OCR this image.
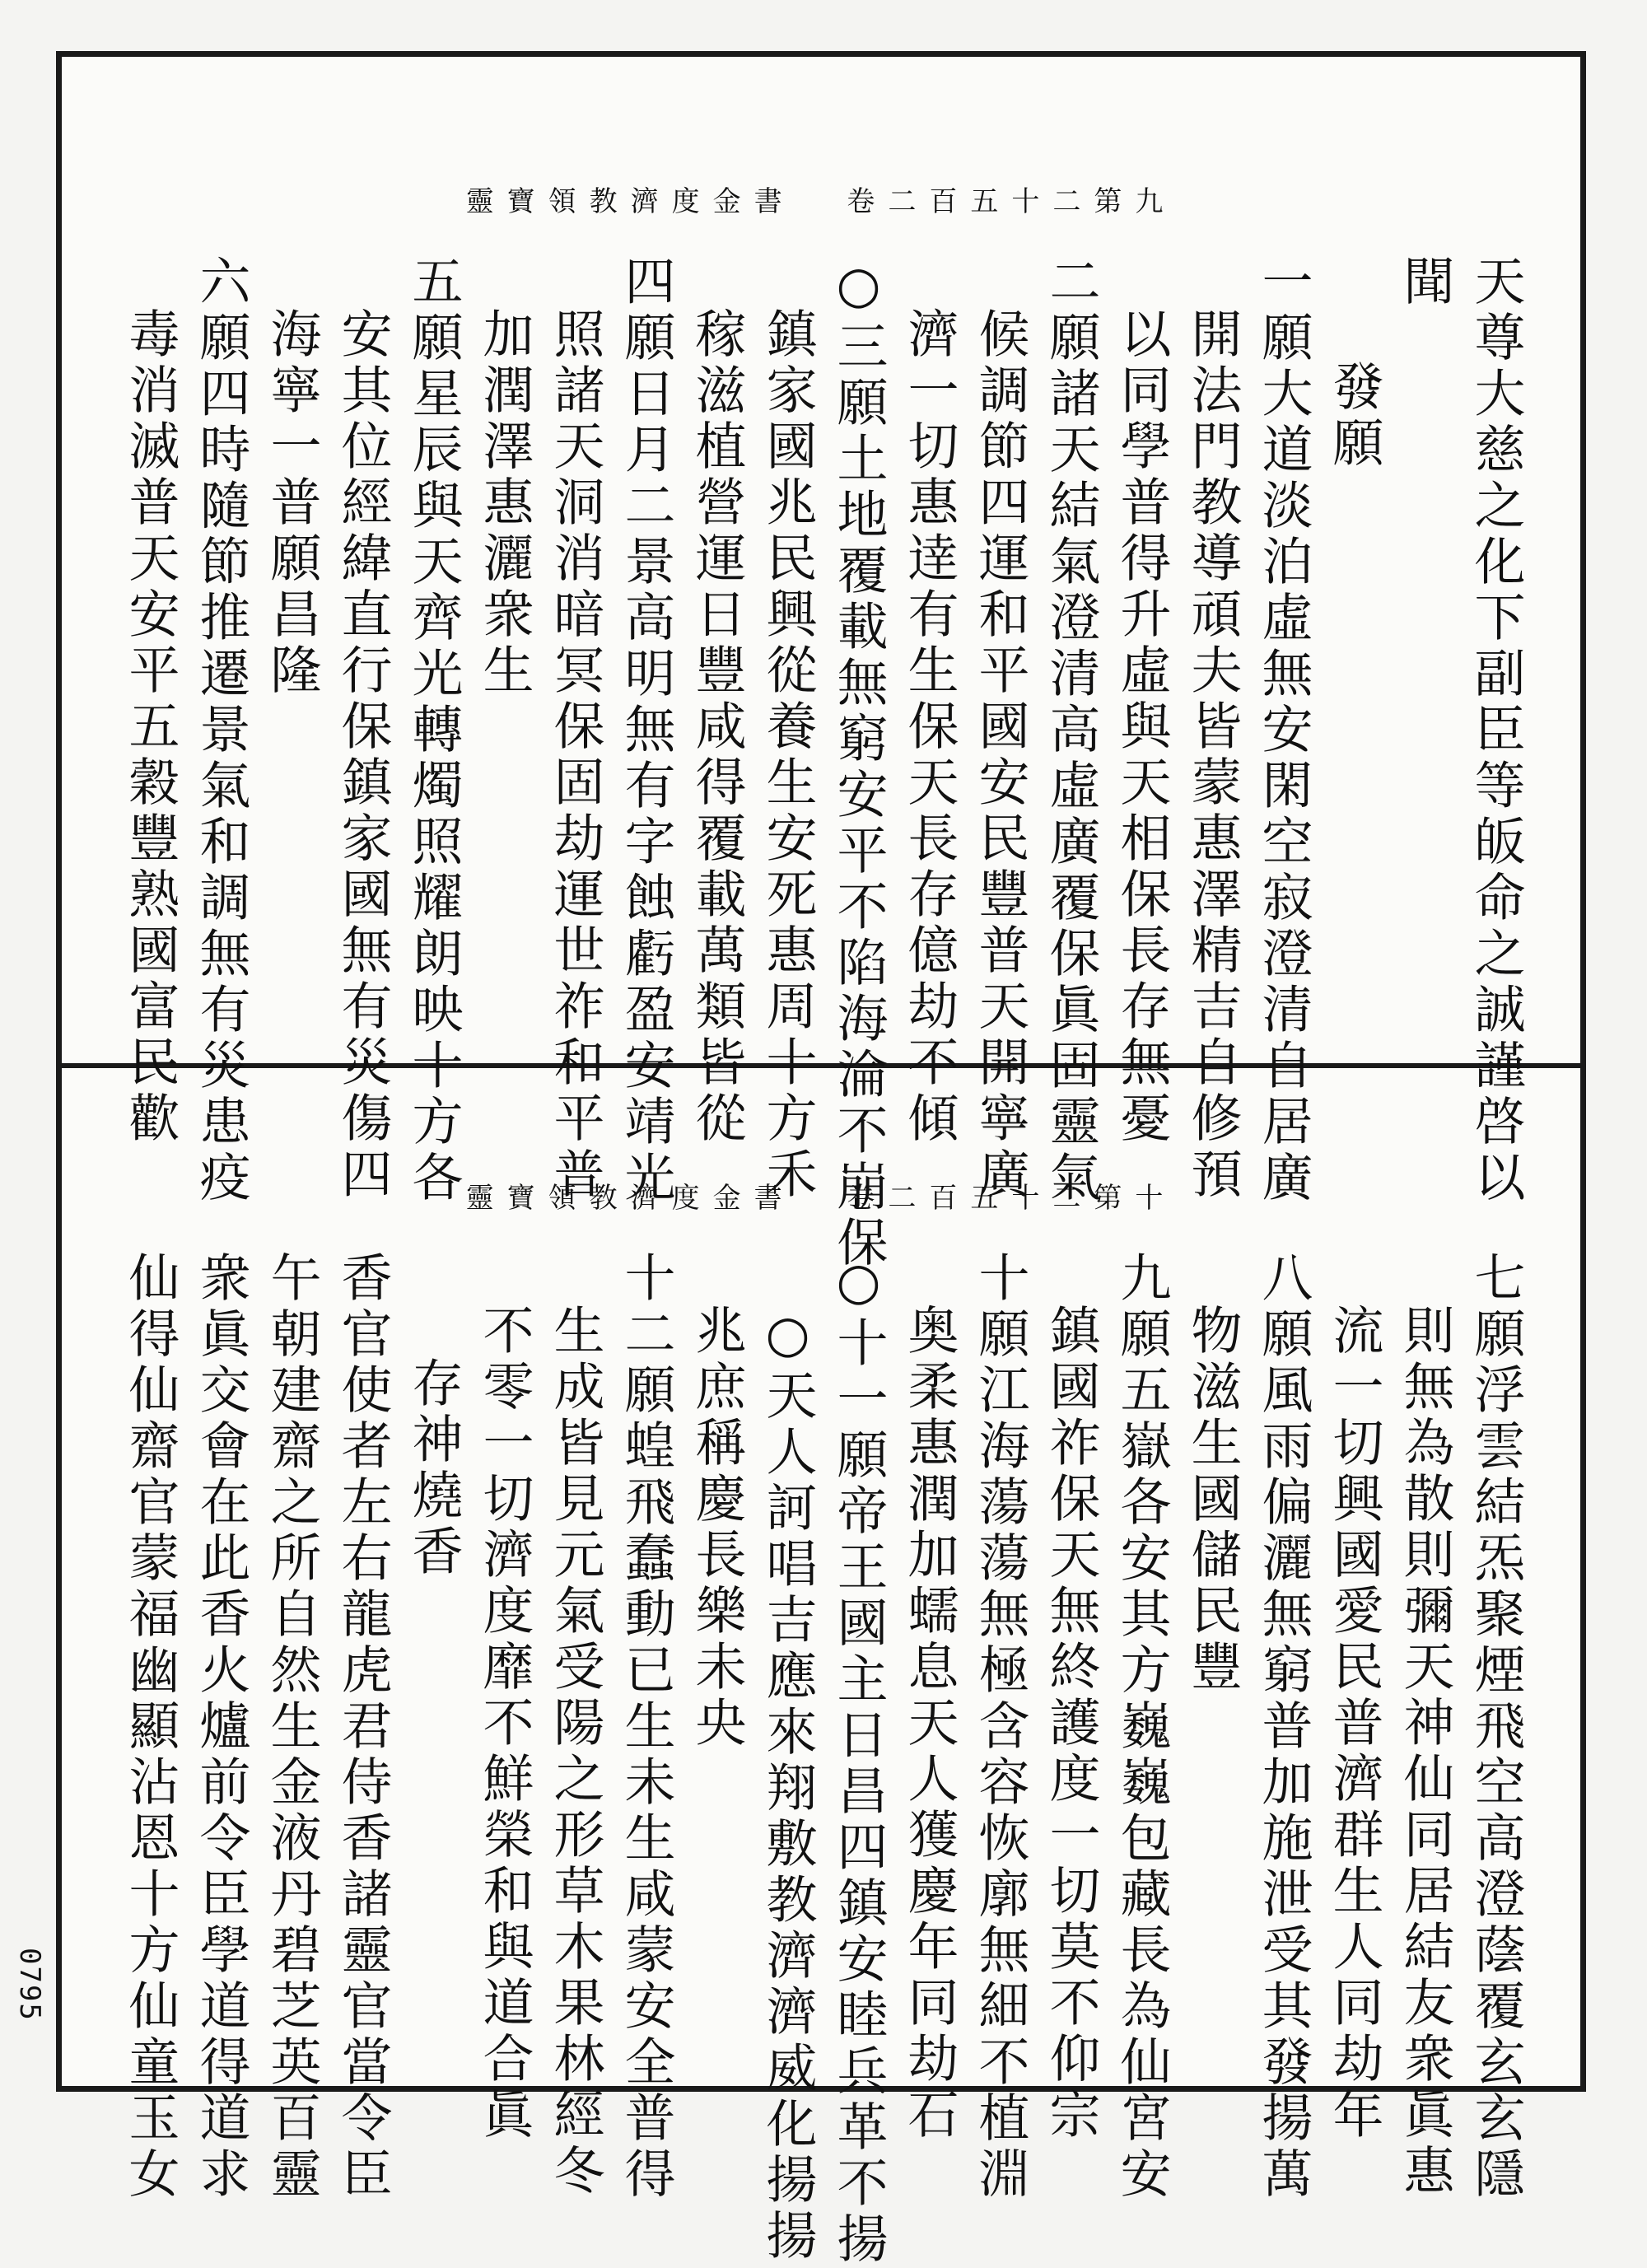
靈寶領教濟度金書 卷二百五十二第九
天尊大慈之化下副臣等皈命之誠謹啓以
聞
發願
一願大道淡泊虛無安閑空寂澄清自居廣
開法門教導頑夫皆蒙惠澤精吉自修預
以同學普得升虛與天相保長存無憂
二願諸天結氣澄清高虛廣覆保眞固靈氣
候調節四運和平國安民豐普天開寧廣
濟一切惠逹有生保天長存億劫不傾
○三願土地覆載無窮安平不陷海淪不崩保
鎮家國兆民興從養生安死惠周十方禾
稼滋植營運日豐咸得覆載萬類皆從
四願日月二景高明無有字蝕虧盈安靖光
照諸天洞消暗冥保固劫運世祚和平普
加潤澤惠灑衆生
五願星辰與天齊光轉燭照耀朗映十方各
安其位經緯直行保鎮家國無有災傷四
海寧一普願昌隆
六願四時隨節推遷景氣和調無有災患疫
毒消滅普天安平五穀豐熟國富民歡
靈寶領教濟度金書 卷二百五十二第十
七願浮雲結炁聚煙飛空高澄蔭覆玄玄隱
則無為散則彌天神仙同居結友衆眞惠
流一切興國愛民普濟群生人同劫年
八願風雨偏灑無窮普加施泄受其發揚萬
物滋生國儲民豐
九願五嶽各安其方巍巍包藏長為仙宮安
鎮國祚保天無終護度一切莫不仰宗
十願江海蕩蕩無極含容恢廓無細不植淵
奥柔惠潤加蠕息天人獲慶年同劫石
○十一願帝王國主日昌四鎮安睦兵革不揚
○天人訶唱吉應來翔敷教濟濟威化揚揚
兆庶稱慶長樂未央
十二願蝗飛蠢動已生未生咸蒙安全普得
生成皆見元氣受陽之形草木果林經冬
不零一切濟度靡不鮮榮和與道合眞
存神燒香
香官使者左右龍虎君侍香諸靈官當令臣
午朝建齋之所自然生金液丹碧芝英百靈
衆眞交會在此香火爐前令臣學道得道求
仙得仙齋官蒙福幽顯沾恩十方仙童玉女
0795
